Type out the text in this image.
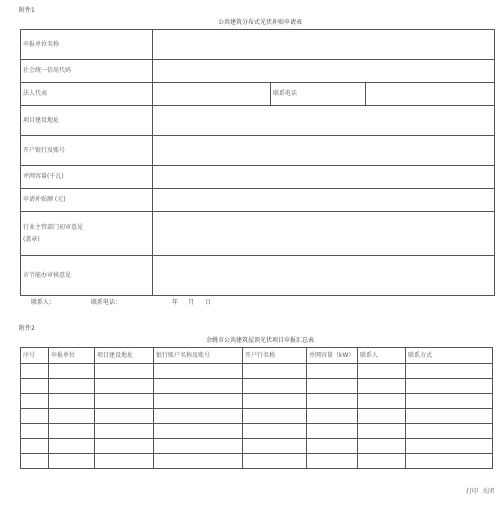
附件1
公共建筑分布式光伏补贴申请表
申报单位名称			
社会统一信用代码			
法人代表		联系电话	
项目建设地址			
开户银行及账号			
并网容量(千瓦)			
申请补贴额 (元)			
行业主管部门初审意见
(盖章)			
市节能办审核意见			
联系人：	联系电话：	年 月 日
附件2
余姚市公共建筑屋顶光伏项目申报汇总表
序号	申报单位	项目建设地址	银行账户名称及账号	开户行名称	并网容量（kW）	联系人	联系方式

打印 关闭
